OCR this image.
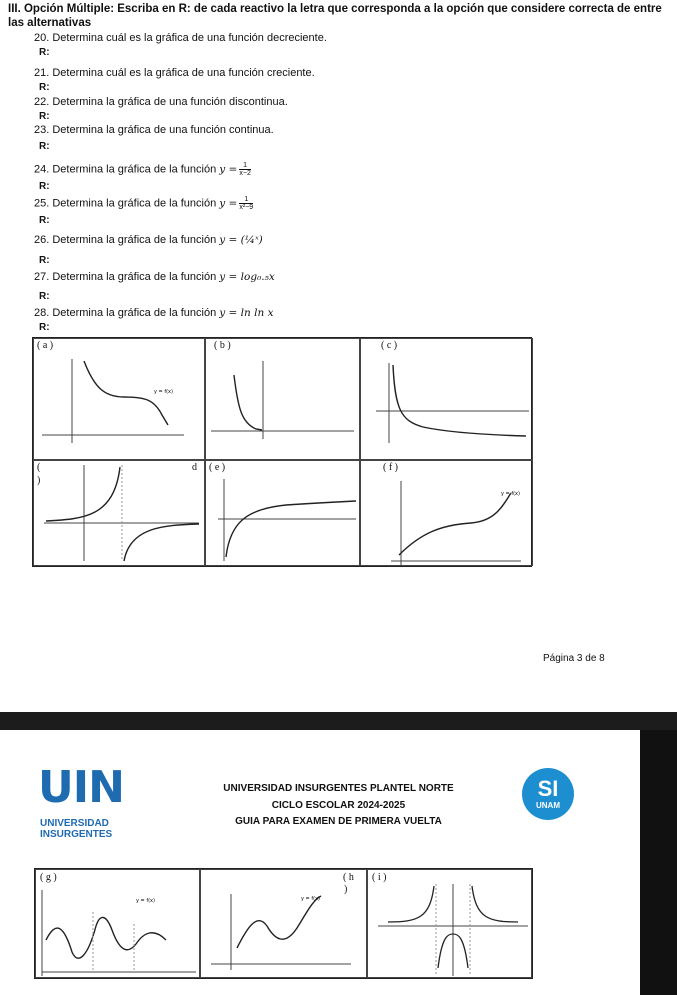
III. Opción Múltiple: Escriba en R: de cada reactivo la letra que corresponda a la opción que considere correcta de entre las alternativas
20. Determina cuál es la gráfica de una función decreciente.
R:
21. Determina cuál es la gráfica de una función creciente.
R:
22. Determina la gráfica de una función discontinua.
R:
23. Determina la gráfica de una función continua.
R:
24. Determina la gráfica de la función $y = \frac{1}{x-2}$
R:
25. Determina la gráfica de la función $y = \frac{1}{\text{x²−9}}$
R:
26. Determina la gráfica de la función y = (¼ˣ)
R:
27. Determina la gráfica de la función y = log₀.₅x
R:
28. Determina la gráfica de la función y = ln ln x
R:
( a )
y = f(x)
( b )	( c )
(
)
d ( e )	( f )
y = f(x)
Página 3 de 8
UIN
UNIVERSIDAD
INSURGENTES
UNIVERSIDAD INSURGENTES PLANTEL NORTE
CICLO ESCOLAR 2024-2025
GUIA PARA EXAMEN DE PRIMERA VUELTA
SI
UNAM
( g )
y = f(x)
( h
)
y = f(x)
( i )
